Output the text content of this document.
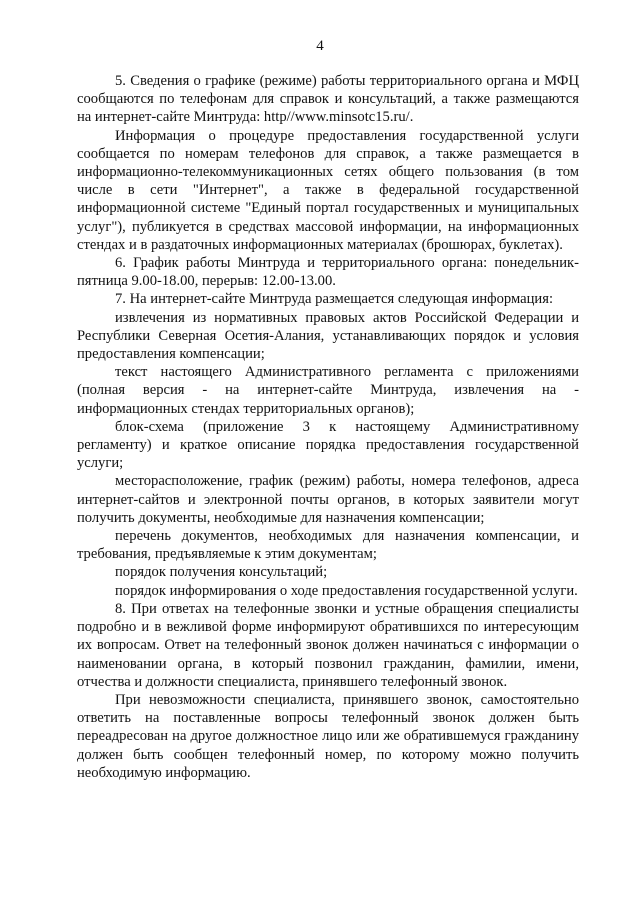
4

5. Сведения о графике (режиме) работы территориального органа и МФЦ сообщаются по телефонам для справок и консультаций, а также размещаются на интернет-сайте Минтруда: http//www.minsotc15.ru/.

Информация о процедуре предоставления государственной услуги сообщается по номерам телефонов для справок, а также размещается в информационно-телекоммуникационных сетях общего пользования (в том числе в сети "Интернет", а также в федеральной государственной информационной системе "Единый портал государственных и муниципальных услуг"), публикуется в средствах массовой информации, на информационных стендах и в раздаточных информационных материалах (брошюрах, буклетах).

6. График работы Минтруда и территориального органа: понедельник-пятница 9.00-18.00, перерыв: 12.00-13.00.

7. На интернет-сайте Минтруда размещается следующая информация:

извлечения из нормативных правовых актов Российской Федерации и Республики Северная Осетия-Алания, устанавливающих порядок и условия предоставления компенсации;

текст настоящего Административного регламента с приложениями (полная версия - на интернет-сайте Минтруда, извлечения на - информационных стендах территориальных органов);

блок-схема (приложение 3 к настоящему Административному регламенту) и краткое описание порядка предоставления государственной услуги;

месторасположение, график (режим) работы, номера телефонов, адреса интернет-сайтов и электронной почты органов, в которых заявители могут получить документы, необходимые для назначения компенсации;

перечень документов, необходимых для назначения компенсации, и требования, предъявляемые к этим документам;

порядок получения консультаций;

порядок информирования о ходе предоставления государственной услуги.

8. При ответах на телефонные звонки и устные обращения специалисты подробно и в вежливой форме информируют обратившихся по интересующим их вопросам. Ответ на телефонный звонок должен начинаться с информации о наименовании органа, в который позвонил гражданин, фамилии, имени, отчества и должности специалиста, принявшего телефонный звонок.

При невозможности специалиста, принявшего звонок, самостоятельно ответить на поставленные вопросы телефонный звонок должен быть переадресован на другое должностное лицо или же обратившемуся гражданину должен быть сообщен телефонный номер, по которому можно получить необходимую информацию.
